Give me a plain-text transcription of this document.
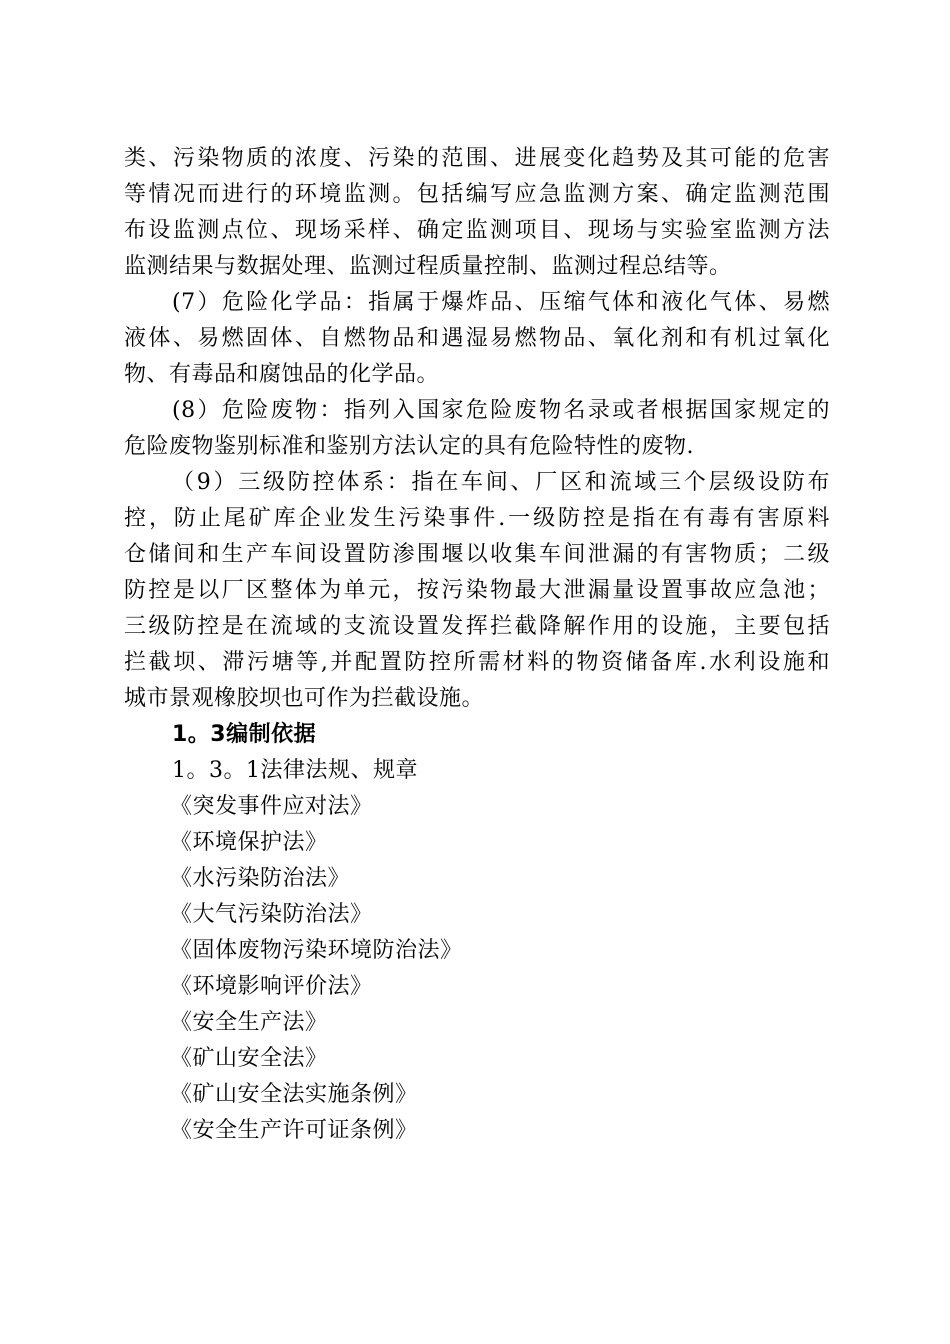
类、污染物质的浓度、污染的范围、进展变化趋势及其可能的危害
等情况而进行的环境监测。包括编写应急监测方案、确定监测范围
布设监测点位、现场采样、确定监测项目、现场与实验室监测方法
监测结果与数据处理、监测过程质量控制、监测过程总结等。
(7）危险化学品：指属于爆炸品、压缩气体和液化气体、易燃
液体、易燃固体、自燃物品和遇湿易燃物品、氧化剂和有机过氧化
物、有毒品和腐蚀品的化学品。
(8）危险废物：指列入国家危险废物名录或者根据国家规定的
危险废物鉴别标准和鉴别方法认定的具有危险特性的废物.
（9）三级防控体系：指在车间、厂区和流域三个层级设防布
控，防止尾矿库企业发生污染事件.一级防控是指在有毒有害原料
仓储间和生产车间设置防渗围堰以收集车间泄漏的有害物质；二级
防控是以厂区整体为单元，按污染物最大泄漏量设置事故应急池；
三级防控是在流域的支流设置发挥拦截降解作用的设施，主要包括
拦截坝、滞污塘等,并配置防控所需材料的物资储备库.水利设施和
城市景观橡胶坝也可作为拦截设施。
1。3编制依据
1。3。1法律法规、规章
《突发事件应对法》
《环境保护法》
《水污染防治法》
《大气污染防治法》
《固体废物污染环境防治法》
《环境影响评价法》
《安全生产法》
《矿山安全法》
《矿山安全法实施条例》
《安全生产许可证条例》
